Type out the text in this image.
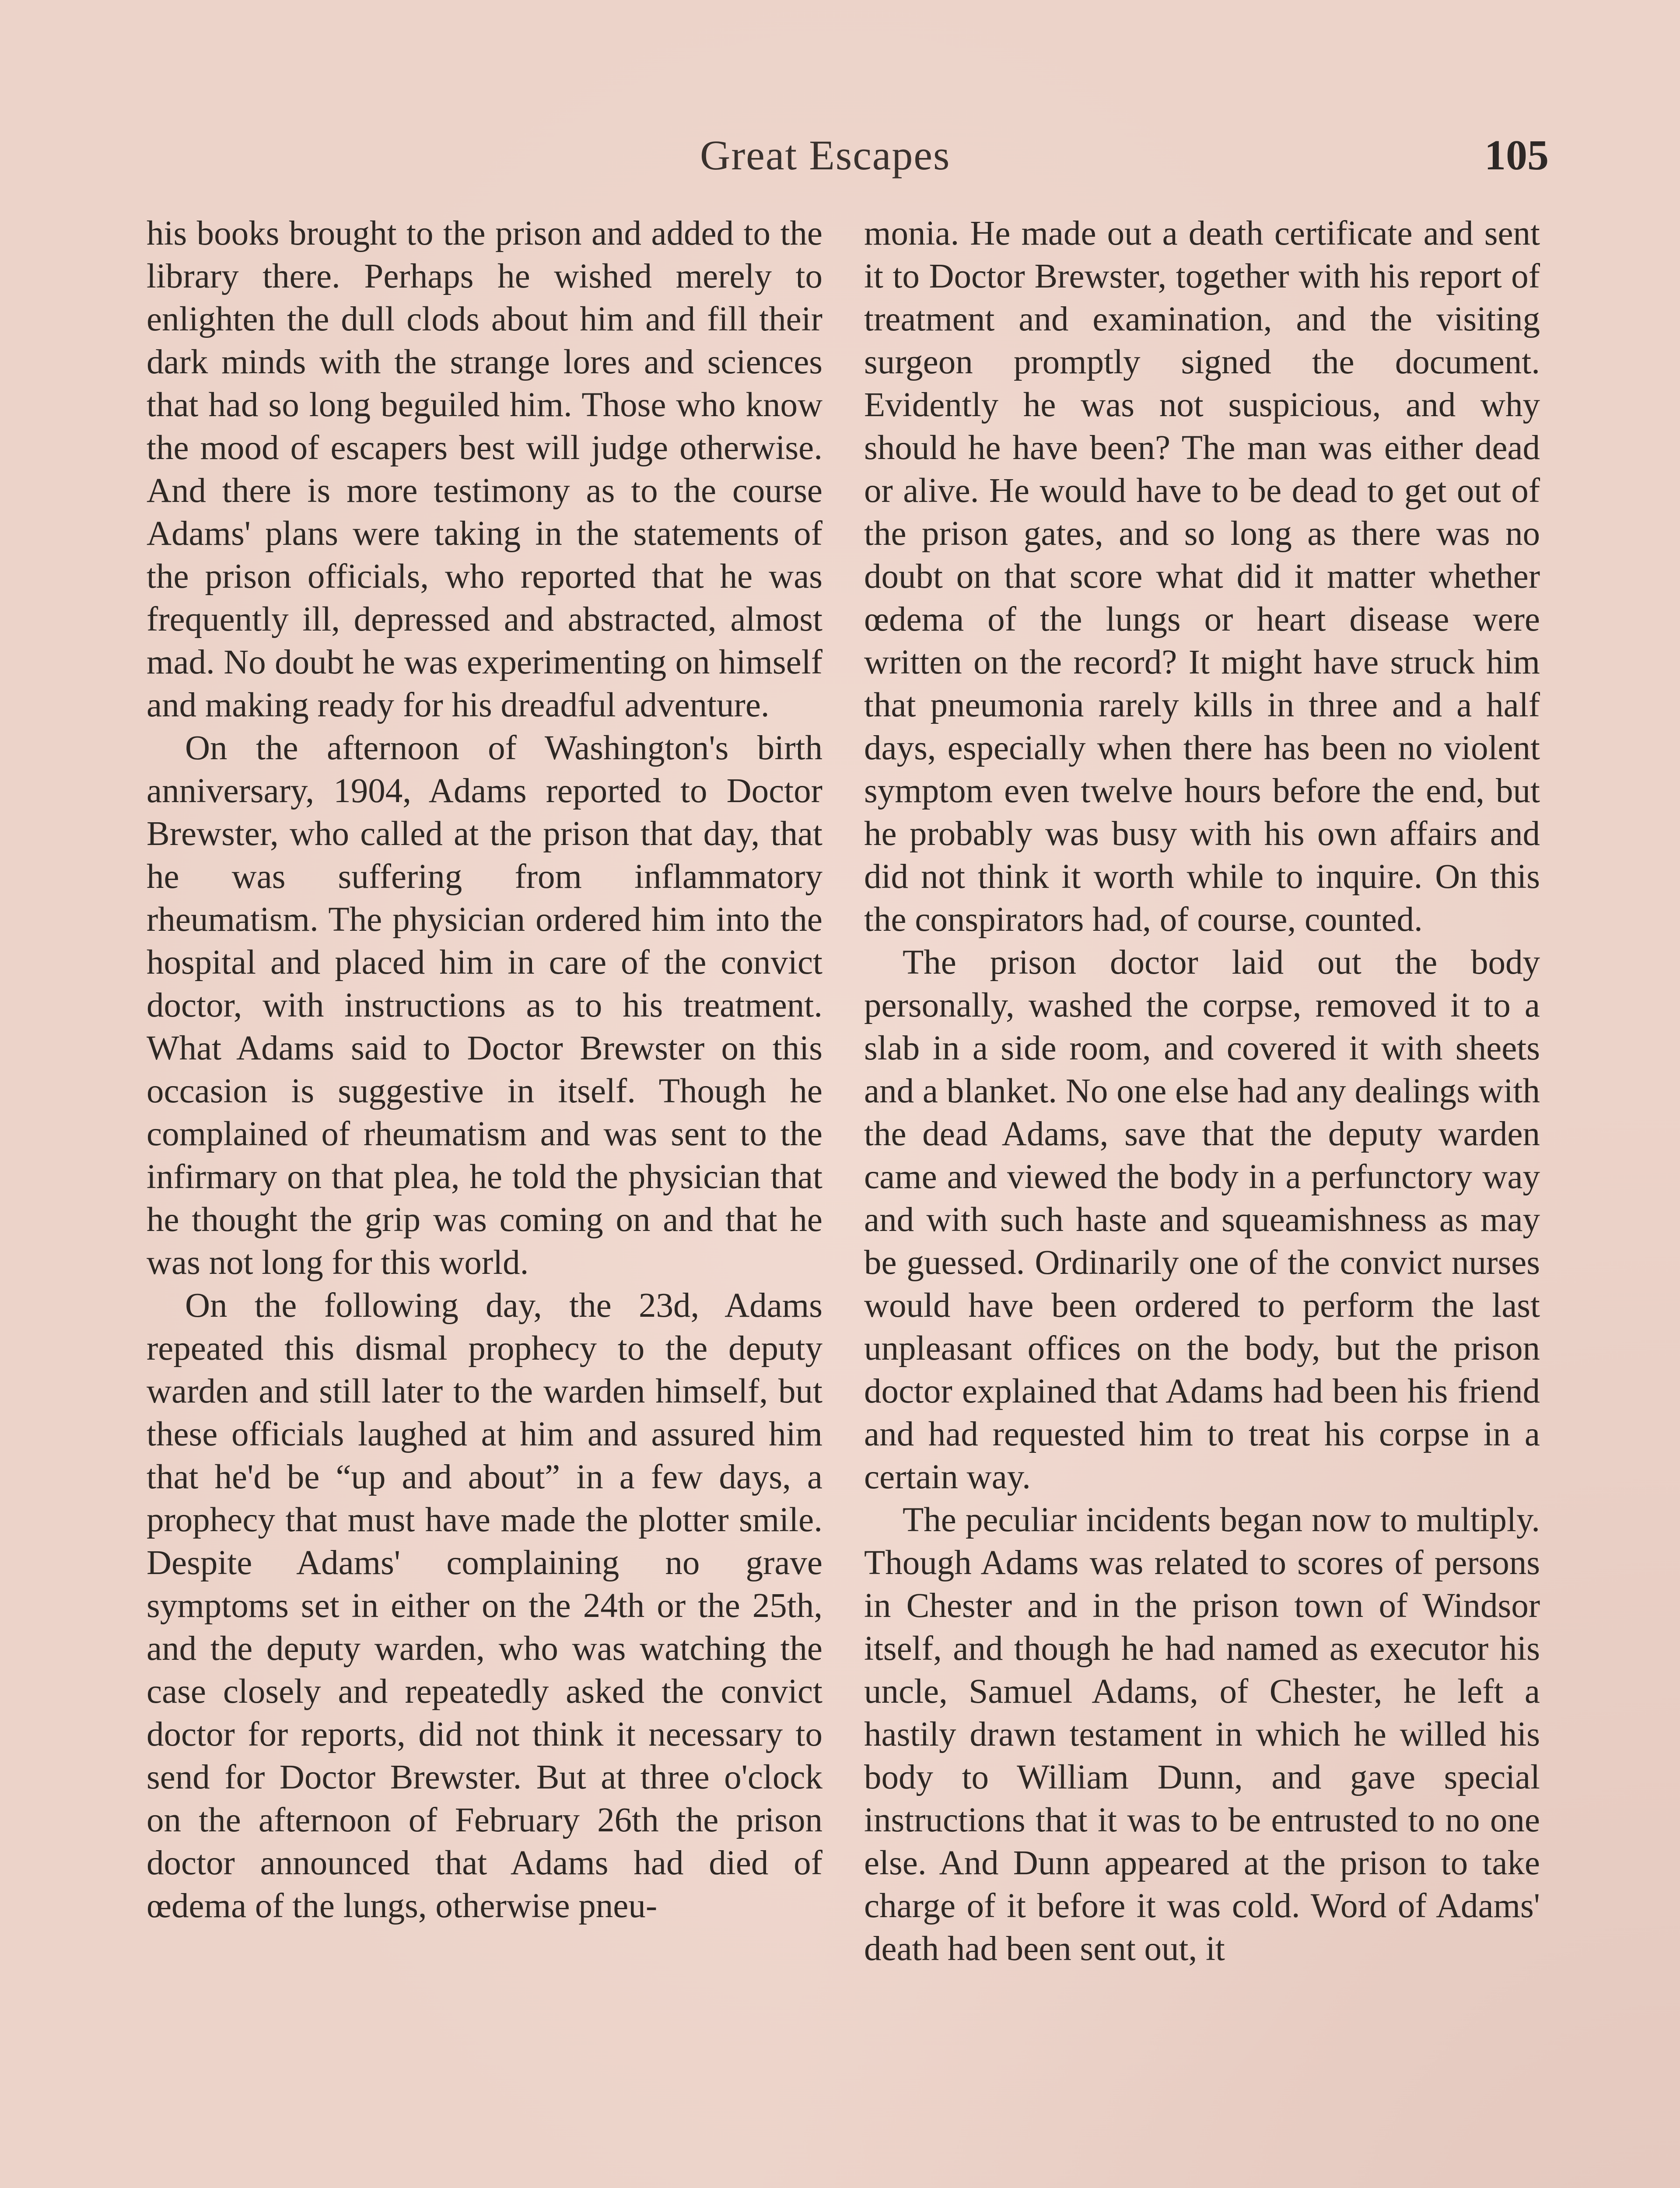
Great Escapes	105

his books brought to the prison and added to the library there. Perhaps he wished merely to enlighten the dull clods about him and fill their dark minds with the strange lores and sciences that had so long beguiled him. Those who know the mood of escapers best will judge otherwise. And there is more testimony as to the course Adams' plans were taking in the statements of the prison officials, who reported that he was frequently ill, depressed and abstracted, almost mad. No doubt he was experimenting on himself and making ready for his dreadful adventure.

On the afternoon of Washington's birth anniversary, 1904, Adams reported to Doctor Brewster, who called at the prison that day, that he was suffering from inflammatory rheumatism. The physician ordered him into the hospital and placed him in care of the convict doctor, with instructions as to his treatment. What Adams said to Doctor Brewster on this occasion is suggestive in itself. Though he complained of rheumatism and was sent to the infirmary on that plea, he told the physician that he thought the grip was coming on and that he was not long for this world.

On the following day, the 23d, Adams repeated this dismal prophecy to the deputy warden and still later to the warden himself, but these officials laughed at him and assured him that he'd be “up and about” in a few days, a prophecy that must have made the plotter smile. Despite Adams' complaining no grave symptoms set in either on the 24th or the 25th, and the deputy warden, who was watching the case closely and repeatedly asked the convict doctor for reports, did not think it necessary to send for Doctor Brewster. But at three o'clock on the afternoon of February 26th the prison doctor announced that Adams had died of œdema of the lungs, otherwise pneu-

monia. He made out a death certificate and sent it to Doctor Brewster, together with his report of treatment and examination, and the visiting surgeon promptly signed the document. Evidently he was not suspicious, and why should he have been? The man was either dead or alive. He would have to be dead to get out of the prison gates, and so long as there was no doubt on that score what did it matter whether œdema of the lungs or heart disease were written on the record? It might have struck him that pneumonia rarely kills in three and a half days, especially when there has been no violent symptom even twelve hours before the end, but he probably was busy with his own affairs and did not think it worth while to inquire. On this the conspirators had, of course, counted.

The prison doctor laid out the body personally, washed the corpse, removed it to a slab in a side room, and covered it with sheets and a blanket. No one else had any dealings with the dead Adams, save that the deputy warden came and viewed the body in a perfunctory way and with such haste and squeamishness as may be guessed. Ordinarily one of the convict nurses would have been ordered to perform the last unpleasant offices on the body, but the prison doctor explained that Adams had been his friend and had requested him to treat his corpse in a certain way.

The peculiar incidents began now to multiply. Though Adams was related to scores of persons in Chester and in the prison town of Windsor itself, and though he had named as executor his uncle, Samuel Adams, of Chester, he left a hastily drawn testament in which he willed his body to William Dunn, and gave special instructions that it was to be entrusted to no one else. And Dunn appeared at the prison to take charge of it before it was cold. Word of Adams' death had been sent out, it
